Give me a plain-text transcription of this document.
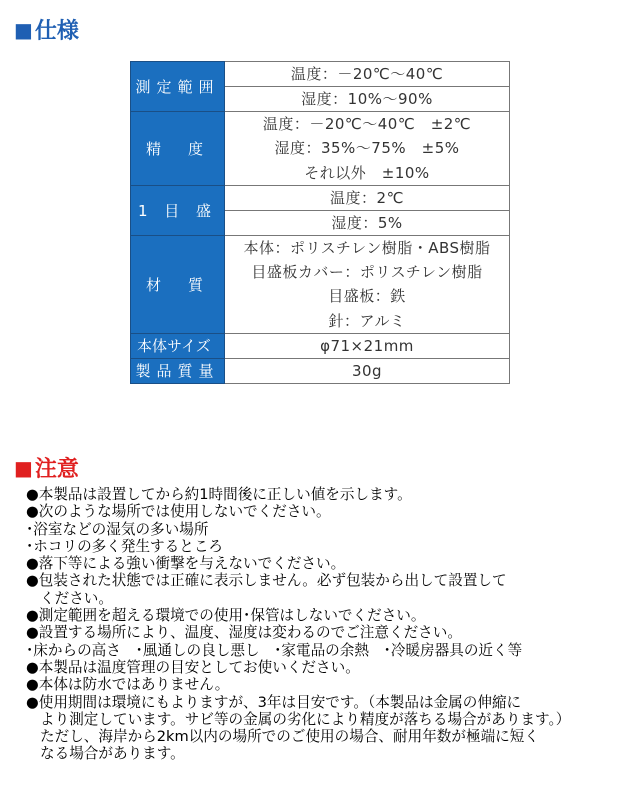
■ 仕様
測定範囲	温度：－20℃～40℃
	湿度：10%～90%
精　度	温度：－20℃～40℃　±2℃
	湿度：35%～75%　±5%
	それ以外　±10%
1 目 盛	温度：2℃
	湿度：5%
材　質	本体：ポリスチレン樹脂・ABS樹脂
	目盛板カバー：ポリスチレン樹脂
	目盛板：鉄
	針：アルミ
本体サイズ	φ71×21mm
製品質量	30g
■ 注意
●本製品は設置してから約1時間後に正しい値を示します。
●次のような場所では使用しないでください。
･浴室などの湿気の多い場所
･ホコリの多く発生するところ
●落下等による強い衝撃を与えないでください。
●包装された状態では正確に表示しません。必ず包装から出して設置して
ください。
●測定範囲を超える環境での使用･保管はしないでください。
●設置する場所により、温度、湿度は変わるのでご注意ください。
･床からの高さ　･風通しの良し悪し　･家電品の余熱　･冷暖房器具の近く等
●本製品は温度管理の目安としてお使いください。
●本体は防水ではありません。
●使用期間は環境にもよりますが、3年は目安です。（本製品は金属の伸縮に
より測定しています。サビ等の金属の劣化により精度が落ちる場合があります。）
ただし、海岸から2km以内の場所でのご使用の場合、耐用年数が極端に短く
なる場合があります。
